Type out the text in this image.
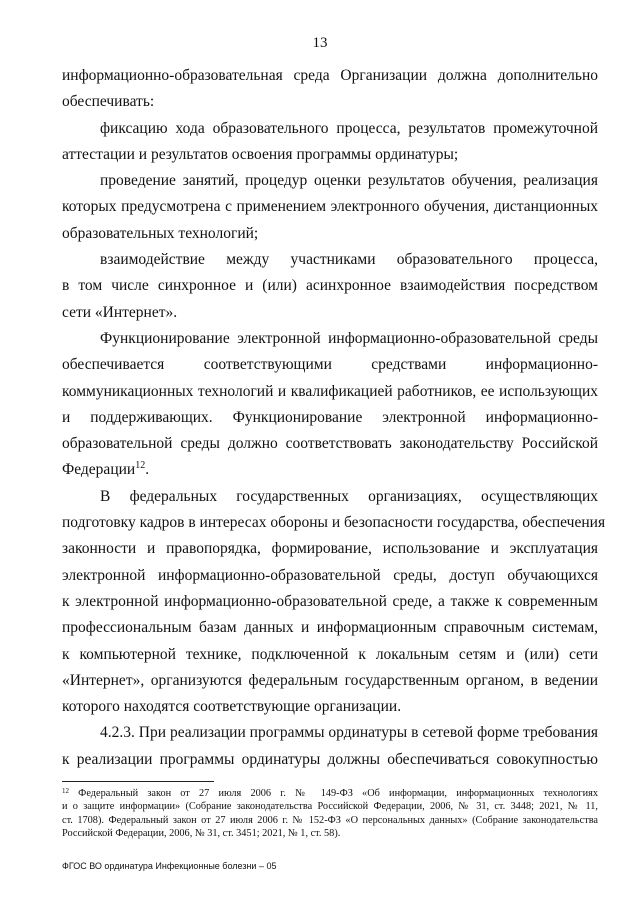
13
информационно-образовательная среда Организации должна дополнительно
обеспечивать:
фиксацию хода образовательного процесса, результатов промежуточной
аттестации и результатов освоения программы ординатуры;
проведение занятий, процедур оценки результатов обучения, реализация
которых предусмотрена с применением электронного обучения, дистанционных
образовательных технологий;
взаимодействие между участниками образовательного процесса,
в том числе синхронное и (или) асинхронное взаимодействия посредством
сети «Интернет».
Функционирование электронной информационно-образовательной среды
обеспечивается соответствующими средствами информационно-
коммуникационных технологий и квалификацией работников, ее использующих
и поддерживающих. Функционирование электронной информационно-
образовательной среды должно соответствовать законодательству Российской
Федерации$^{12}$.
В федеральных государственных организациях, осуществляющих
подготовку кадров в интересах обороны и безопасности государства, обеспечения
законности и правопорядка, формирование, использование и эксплуатация
электронной информационно-образовательной среды, доступ обучающихся
к электронной информационно-образовательной среде, а также к современным
профессиональным базам данных и информационным справочным системам,
к компьютерной технике, подключенной к локальным сетям и (или) сети
«Интернет», организуются федеральным государственным органом, в ведении
которого находятся соответствующие организации.
4.2.3. При реализации программы ординатуры в сетевой форме требования
к реализации программы ординатуры должны обеспечиваться совокупностью
$^{12}$ Федеральный закон от 27 июля 2006 г. № 149-ФЗ «Об информации, информационных технологиях
и о защите информации» (Собрание законодательства Российской Федерации, 2006, № 31, ст. 3448; 2021, № 11,
ст. 1708). Федеральный закон от 27 июля 2006 г. № 152-ФЗ «О персональных данных» (Собрание законодательства
Российской Федерации, 2006, № 31, ст. 3451; 2021, № 1, ст. 58).
ФГОС ВО ординатура Инфекционные болезни – 05
